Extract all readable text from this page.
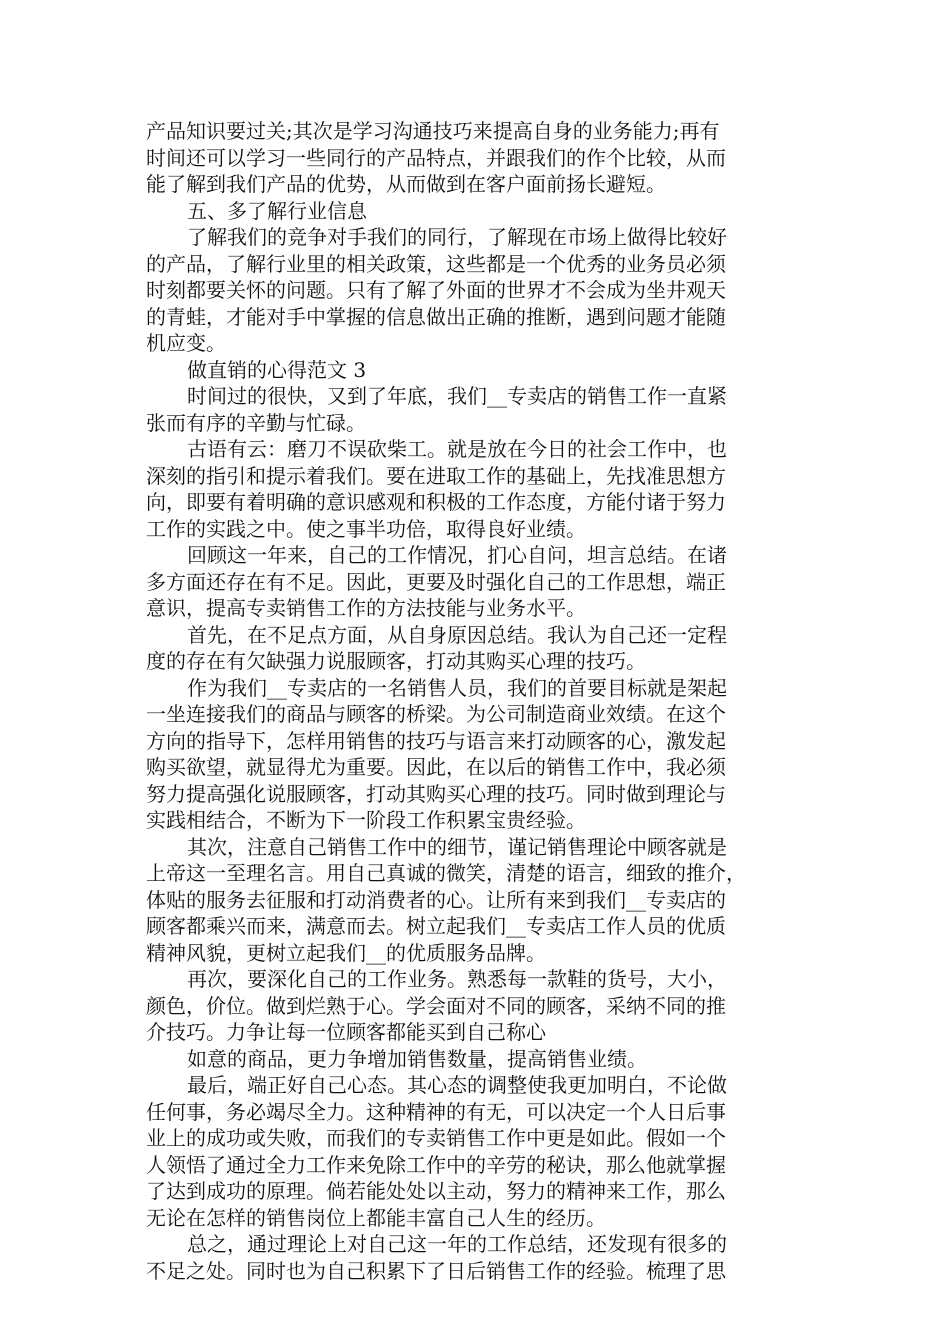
产品知识要过关;其次是学习沟通技巧来提高自身的业务能力;再有
时间还可以学习一些同行的产品特点，并跟我们的作个比较，从而
能了解到我们产品的优势，从而做到在客户面前扬长避短。
五、多了解行业信息
了解我们的竞争对手我们的同行，了解现在市场上做得比较好
的产品，了解行业里的相关政策，这些都是一个优秀的业务员必须
时刻都要关怀的问题。只有了解了外面的世界才不会成为坐井观天
的青蛙，才能对手中掌握的信息做出正确的推断，遇到问题才能随
机应变。
做直销的心得范文 3
时间过的很快，又到了年底，我们__专卖店的销售工作一直紧
张而有序的辛勤与忙碌。
古语有云：磨刀不误砍柴工。就是放在今日的社会工作中，也
深刻的指引和提示着我们。要在进取工作的基础上，先找准思想方
向，即要有着明确的意识感观和积极的工作态度，方能付诸于努力
工作的实践之中。使之事半功倍，取得良好业绩。
回顾这一年来，自己的工作情况，扪心自问，坦言总结。在诸
多方面还存在有不足。因此，更要及时强化自己的工作思想，端正
意识，提高专卖销售工作的方法技能与业务水平。
首先，在不足点方面，从自身原因总结。我认为自己还一定程
度的存在有欠缺强力说服顾客，打动其购买心理的技巧。
作为我们__专卖店的一名销售人员，我们的首要目标就是架起
一坐连接我们的商品与顾客的桥梁。为公司制造商业效绩。在这个
方向的指导下，怎样用销售的技巧与语言来打动顾客的心，激发起
购买欲望，就显得尤为重要。因此，在以后的销售工作中，我必须
努力提高强化说服顾客，打动其购买心理的技巧。同时做到理论与
实践相结合，不断为下一阶段工作积累宝贵经验。
其次，注意自己销售工作中的细节，谨记销售理论中顾客就是
上帝这一至理名言。用自己真诚的微笑，清楚的语言，细致的推介，
体贴的服务去征服和打动消费者的心。让所有来到我们__专卖店的
顾客都乘兴而来，满意而去。树立起我们__专卖店工作人员的优质
精神风貌，更树立起我们__的优质服务品牌。
再次，要深化自己的工作业务。熟悉每一款鞋的货号，大小，
颜色，价位。做到烂熟于心。学会面对不同的顾客，采纳不同的推
介技巧。力争让每一位顾客都能买到自己称心
如意的商品，更力争增加销售数量，提高销售业绩。
最后，端正好自己心态。其心态的调整使我更加明白，不论做
任何事，务必竭尽全力。这种精神的有无，可以决定一个人日后事
业上的成功或失败，而我们的专卖销售工作中更是如此。假如一个
人领悟了通过全力工作来免除工作中的辛劳的秘诀，那么他就掌握
了达到成功的原理。倘若能处处以主动，努力的精神来工作，那么
无论在怎样的销售岗位上都能丰富自己人生的经历。
总之，通过理论上对自己这一年的工作总结，还发现有很多的
不足之处。同时也为自己积累下了日后销售工作的经验。梳理了思
